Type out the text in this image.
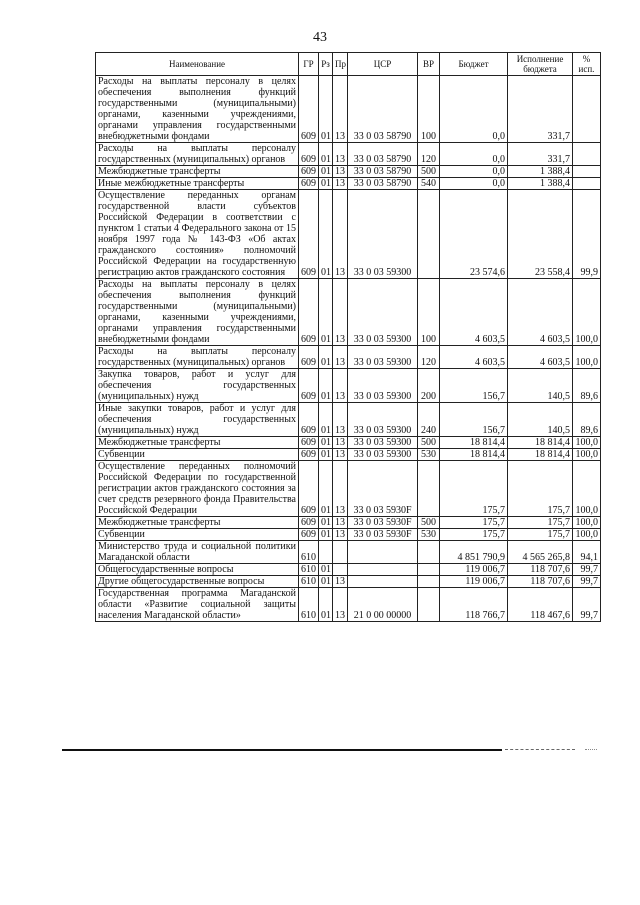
43
Наименование	ГР	Рз	Пр	ЦСР	ВР	Бюджет	Исполнение бюджета	% исп.
Расходы на выплаты персоналу в целях обеспечения выполнения функций государственными (муниципальными) органами, казенными учреждениями, органами управления государственными внебюджетными фондами	609	01	13	33 0 03 58790	100	0,0	331,7	
Расходы на выплаты персоналу государственных (муниципальных) органов	609	01	13	33 0 03 58790	120	0,0	331,7	
Межбюджетные трансферты	609	01	13	33 0 03 58790	500	0,0	1 388,4	
Иные межбюджетные трансферты	609	01	13	33 0 03 58790	540	0,0	1 388,4	
Осуществление переданных органам государственной власти субъектов Российской Федерации в соответствии с пунктом 1 статьи 4 Федерального закона от 15 ноября 1997 года № 143-ФЗ «Об актах гражданского состояния» полномочий Российской Федерации на государственную регистрацию актов гражданского состояния	609	01	13	33 0 03 59300		23 574,6	23 558,4	99,9
Расходы на выплаты персоналу в целях обеспечения выполнения функций государственными (муниципальными) органами, казенными учреждениями, органами управления государственными внебюджетными фондами	609	01	13	33 0 03 59300	100	4 603,5	4 603,5	100,0
Расходы на выплаты персоналу государственных (муниципальных) органов	609	01	13	33 0 03 59300	120	4 603,5	4 603,5	100,0
Закупка товаров, работ и услуг для обеспечения государственных (муниципальных) нужд	609	01	13	33 0 03 59300	200	156,7	140,5	89,6
Иные закупки товаров, работ и услуг для обеспечения государственных (муниципальных) нужд	609	01	13	33 0 03 59300	240	156,7	140,5	89,6
Межбюджетные трансферты	609	01	13	33 0 03 59300	500	18 814,4	18 814,4	100,0
Субвенции	609	01	13	33 0 03 59300	530	18 814,4	18 814,4	100,0
Осуществление переданных полномочий Российской Федерации по государственной регистрации актов гражданского состояния за счет средств резервного фонда Правительства Российской Федерации	609	01	13	33 0 03 5930F		175,7	175,7	100,0
Межбюджетные трансферты	609	01	13	33 0 03 5930F	500	175,7	175,7	100,0
Субвенции	609	01	13	33 0 03 5930F	530	175,7	175,7	100,0
Министерство труда и социальной политики Магаданской области	610					4 851 790,9	4 565 265,8	94,1
Общегосударственные вопросы	610	01				119 006,7	118 707,6	99,7
Другие общегосударственные вопросы	610	01	13			119 006,7	118 707,6	99,7
Государственная программа Магаданской области «Развитие социальной защиты населения Магаданской области»	610	01	13	21 0 00 00000		118 766,7	118 467,6	99,7
